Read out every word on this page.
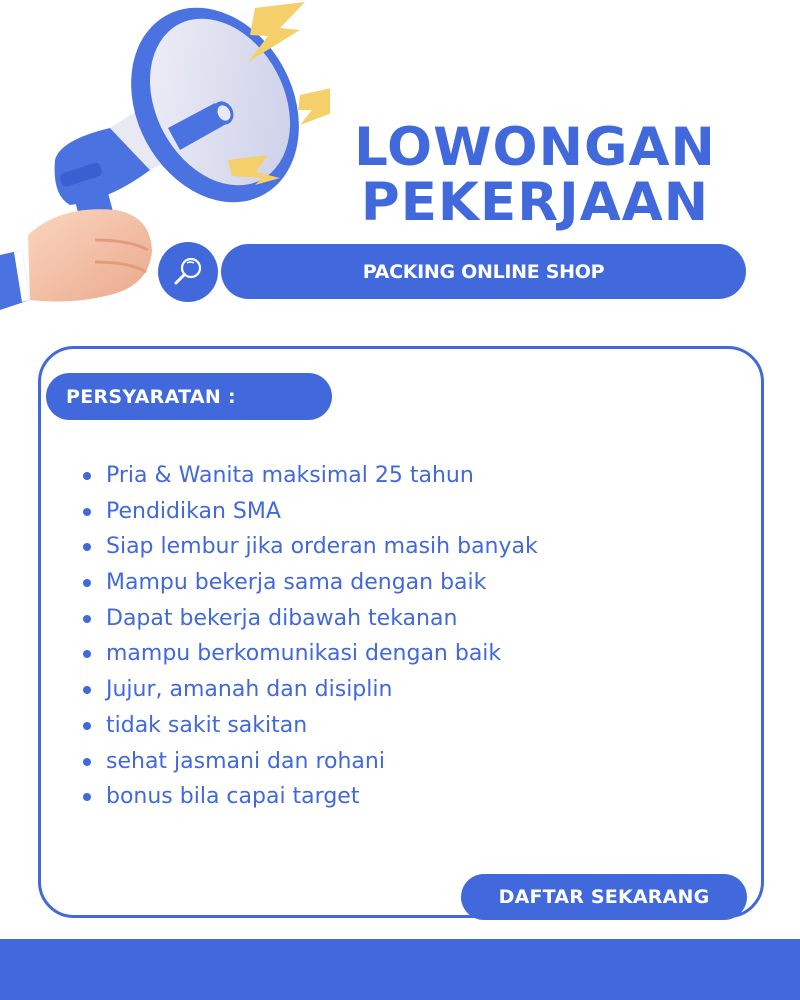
LOWONGAN
PEKERJAAN
PACKING ONLINE SHOP
PERSYARATAN :
Pria & Wanita maksimal 25 tahun
Pendidikan SMA
Siap lembur jika orderan masih banyak
Mampu bekerja sama dengan baik
Dapat bekerja dibawah tekanan
mampu berkomunikasi dengan baik
Jujur, amanah dan disiplin
tidak sakit sakitan
sehat jasmani dan rohani
bonus bila capai target
DAFTAR SEKARANG
